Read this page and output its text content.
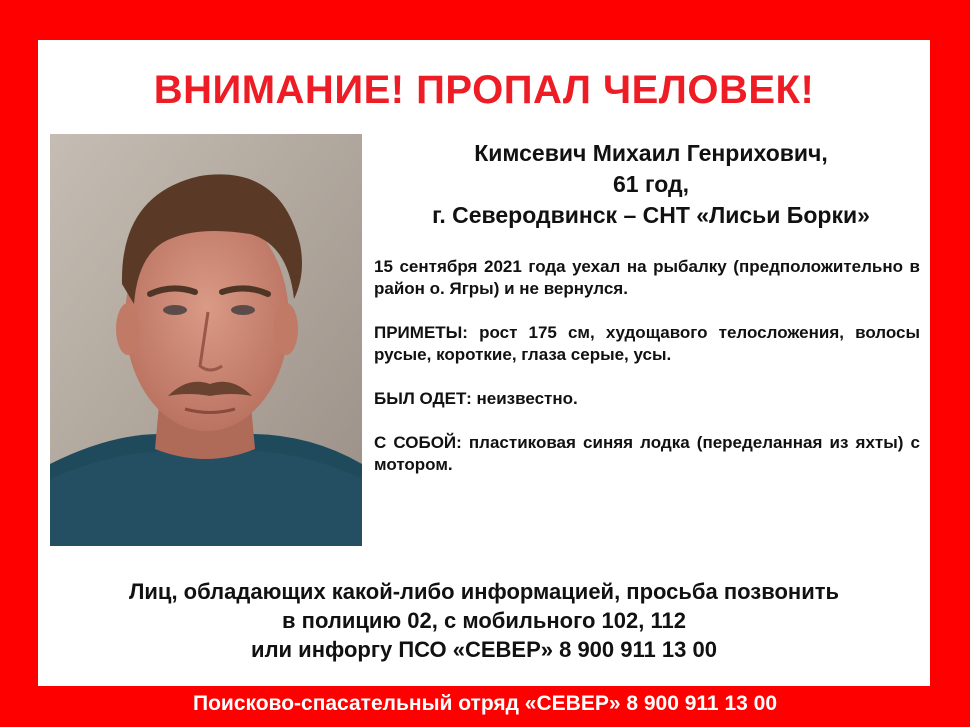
ВНИМАНИЕ! ПРОПАЛ ЧЕЛОВЕК!
Кимсевич Михаил Генрихович,
61 год,
г. Северодвинск – СНТ «Лисьи Борки»

15 сентября 2021 года уехал на рыбалку (предположительно в район о. Ягры) и не вернулся.

ПРИМЕТЫ: рост 175 см, худощавого телосложения, волосы русые, короткие, глаза серые, усы.

БЫЛ ОДЕТ: неизвестно.

С СОБОЙ: пластиковая синяя лодка (переделанная из яхты) с мотором.

Лиц, обладающих какой-либо информацией, просьба позвонить
в полицию 02, с мобильного 102, 112
или инфоргу ПСО «СЕВЕР» 8 900 911 13 00
Поисково-спасательный отряд «СЕВЕР» 8 900 911 13 00
